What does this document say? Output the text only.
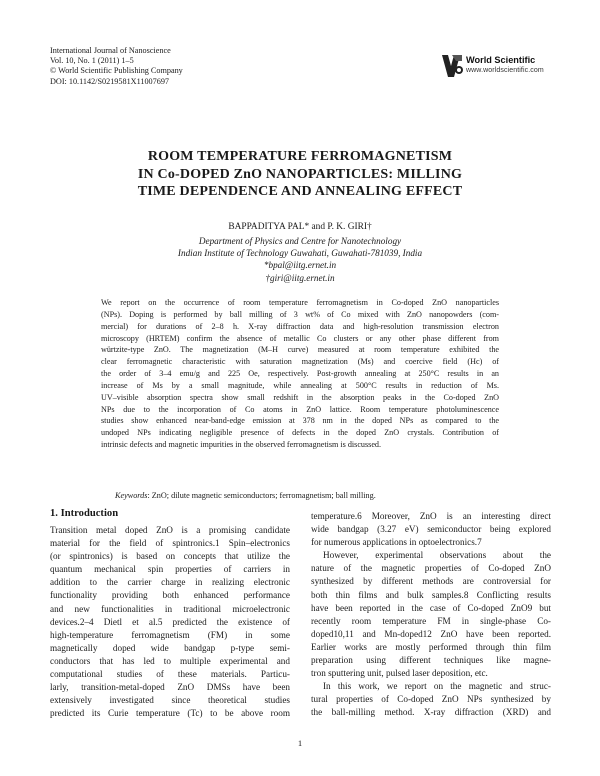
International Journal of Nanoscience
Vol. 10, No. 1 (2011) 1–5
© World Scientific Publishing Company
DOI: 10.1142/S0219581X11007697
World Scientific
www.worldscientific.com
ROOM TEMPERATURE FERROMAGNETISM
IN Co-DOPED ZnO NANOPARTICLES: MILLING
TIME DEPENDENCE AND ANNEALING EFFECT
BAPPADITYA PAL* and P. K. GIRI†
Department of Physics and Centre for Nanotechnology
Indian Institute of Technology Guwahati, Guwahati-781039, India
*bpal@iitg.ernet.in
†giri@iitg.ernet.in
We report on the occurrence of room temperature ferromagnetism in Co-doped ZnO nanoparticles
(NPs). Doping is performed by ball milling of 3 wt% of Co mixed with ZnO nanopowders (com-
mercial) for durations of 2–8 h. X-ray diffraction data and high-resolution transmission electron
microscopy (HRTEM) confirm the absence of metallic Co clusters or any other phase different from
würtzite-type ZnO. The magnetization (M–H curve) measured at room temperature exhibited the
clear ferromagnetic characteristic with saturation magnetization (Ms) and coercive field (Hc) of
the order of 3–4 emu/g and 225 Oe, respectively. Post-growth annealing at 250°C results in an
increase of Ms by a small magnitude, while annealing at 500°C results in reduction of Ms.
UV–visible absorption spectra show small redshift in the absorption peaks in the Co-doped ZnO
NPs due to the incorporation of Co atoms in ZnO lattice. Room temperature photoluminescence
studies show enhanced near-band-edge emission at 378 nm in the doped NPs as compared to the
undoped NPs indicating negligible presence of defects in the doped ZnO crystals. Contribution of
intrinsic defects and magnetic impurities in the observed ferromagnetism is discussed.
Keywords: ZnO; dilute magnetic semiconductors; ferromagnetism; ball milling.
1. Introduction
Transition metal doped ZnO is a promising candidate
material for the field of spintronics.1 Spin–electronics
(or spintronics) is based on concepts that utilize the
quantum mechanical spin properties of carriers in
addition to the carrier charge in realizing electronic
functionality providing both enhanced performance
and new functionalities in traditional microelectronic
devices.2–4 Dietl et al.5 predicted the existence of
high-temperature ferromagnetism (FM) in some
magnetically doped wide bandgap p-type semi-
conductors that has led to multiple experimental and
computational studies of these materials. Particu-
larly, transition-metal-doped ZnO DMSs have been
extensively investigated since theoretical studies
predicted its Curie temperature (Tc) to be above room
temperature.6 Moreover, ZnO is an interesting direct
wide bandgap (3.27 eV) semiconductor being explored
for numerous applications in optoelectronics.7
However, experimental observations about the
nature of the magnetic properties of Co-doped ZnO
synthesized by different methods are controversial for
both thin films and bulk samples.8 Conflicting results
have been reported in the case of Co-doped ZnO9 but
recently room temperature FM in single-phase Co-
doped10,11 and Mn-doped12 ZnO have been reported.
Earlier works are mostly performed through thin film
preparation using different techniques like magne-
tron sputtering unit, pulsed laser deposition, etc.
In this work, we report on the magnetic and struc-
tural properties of Co-doped ZnO NPs synthesized by
the ball-milling method. X-ray diffraction (XRD) and
1
